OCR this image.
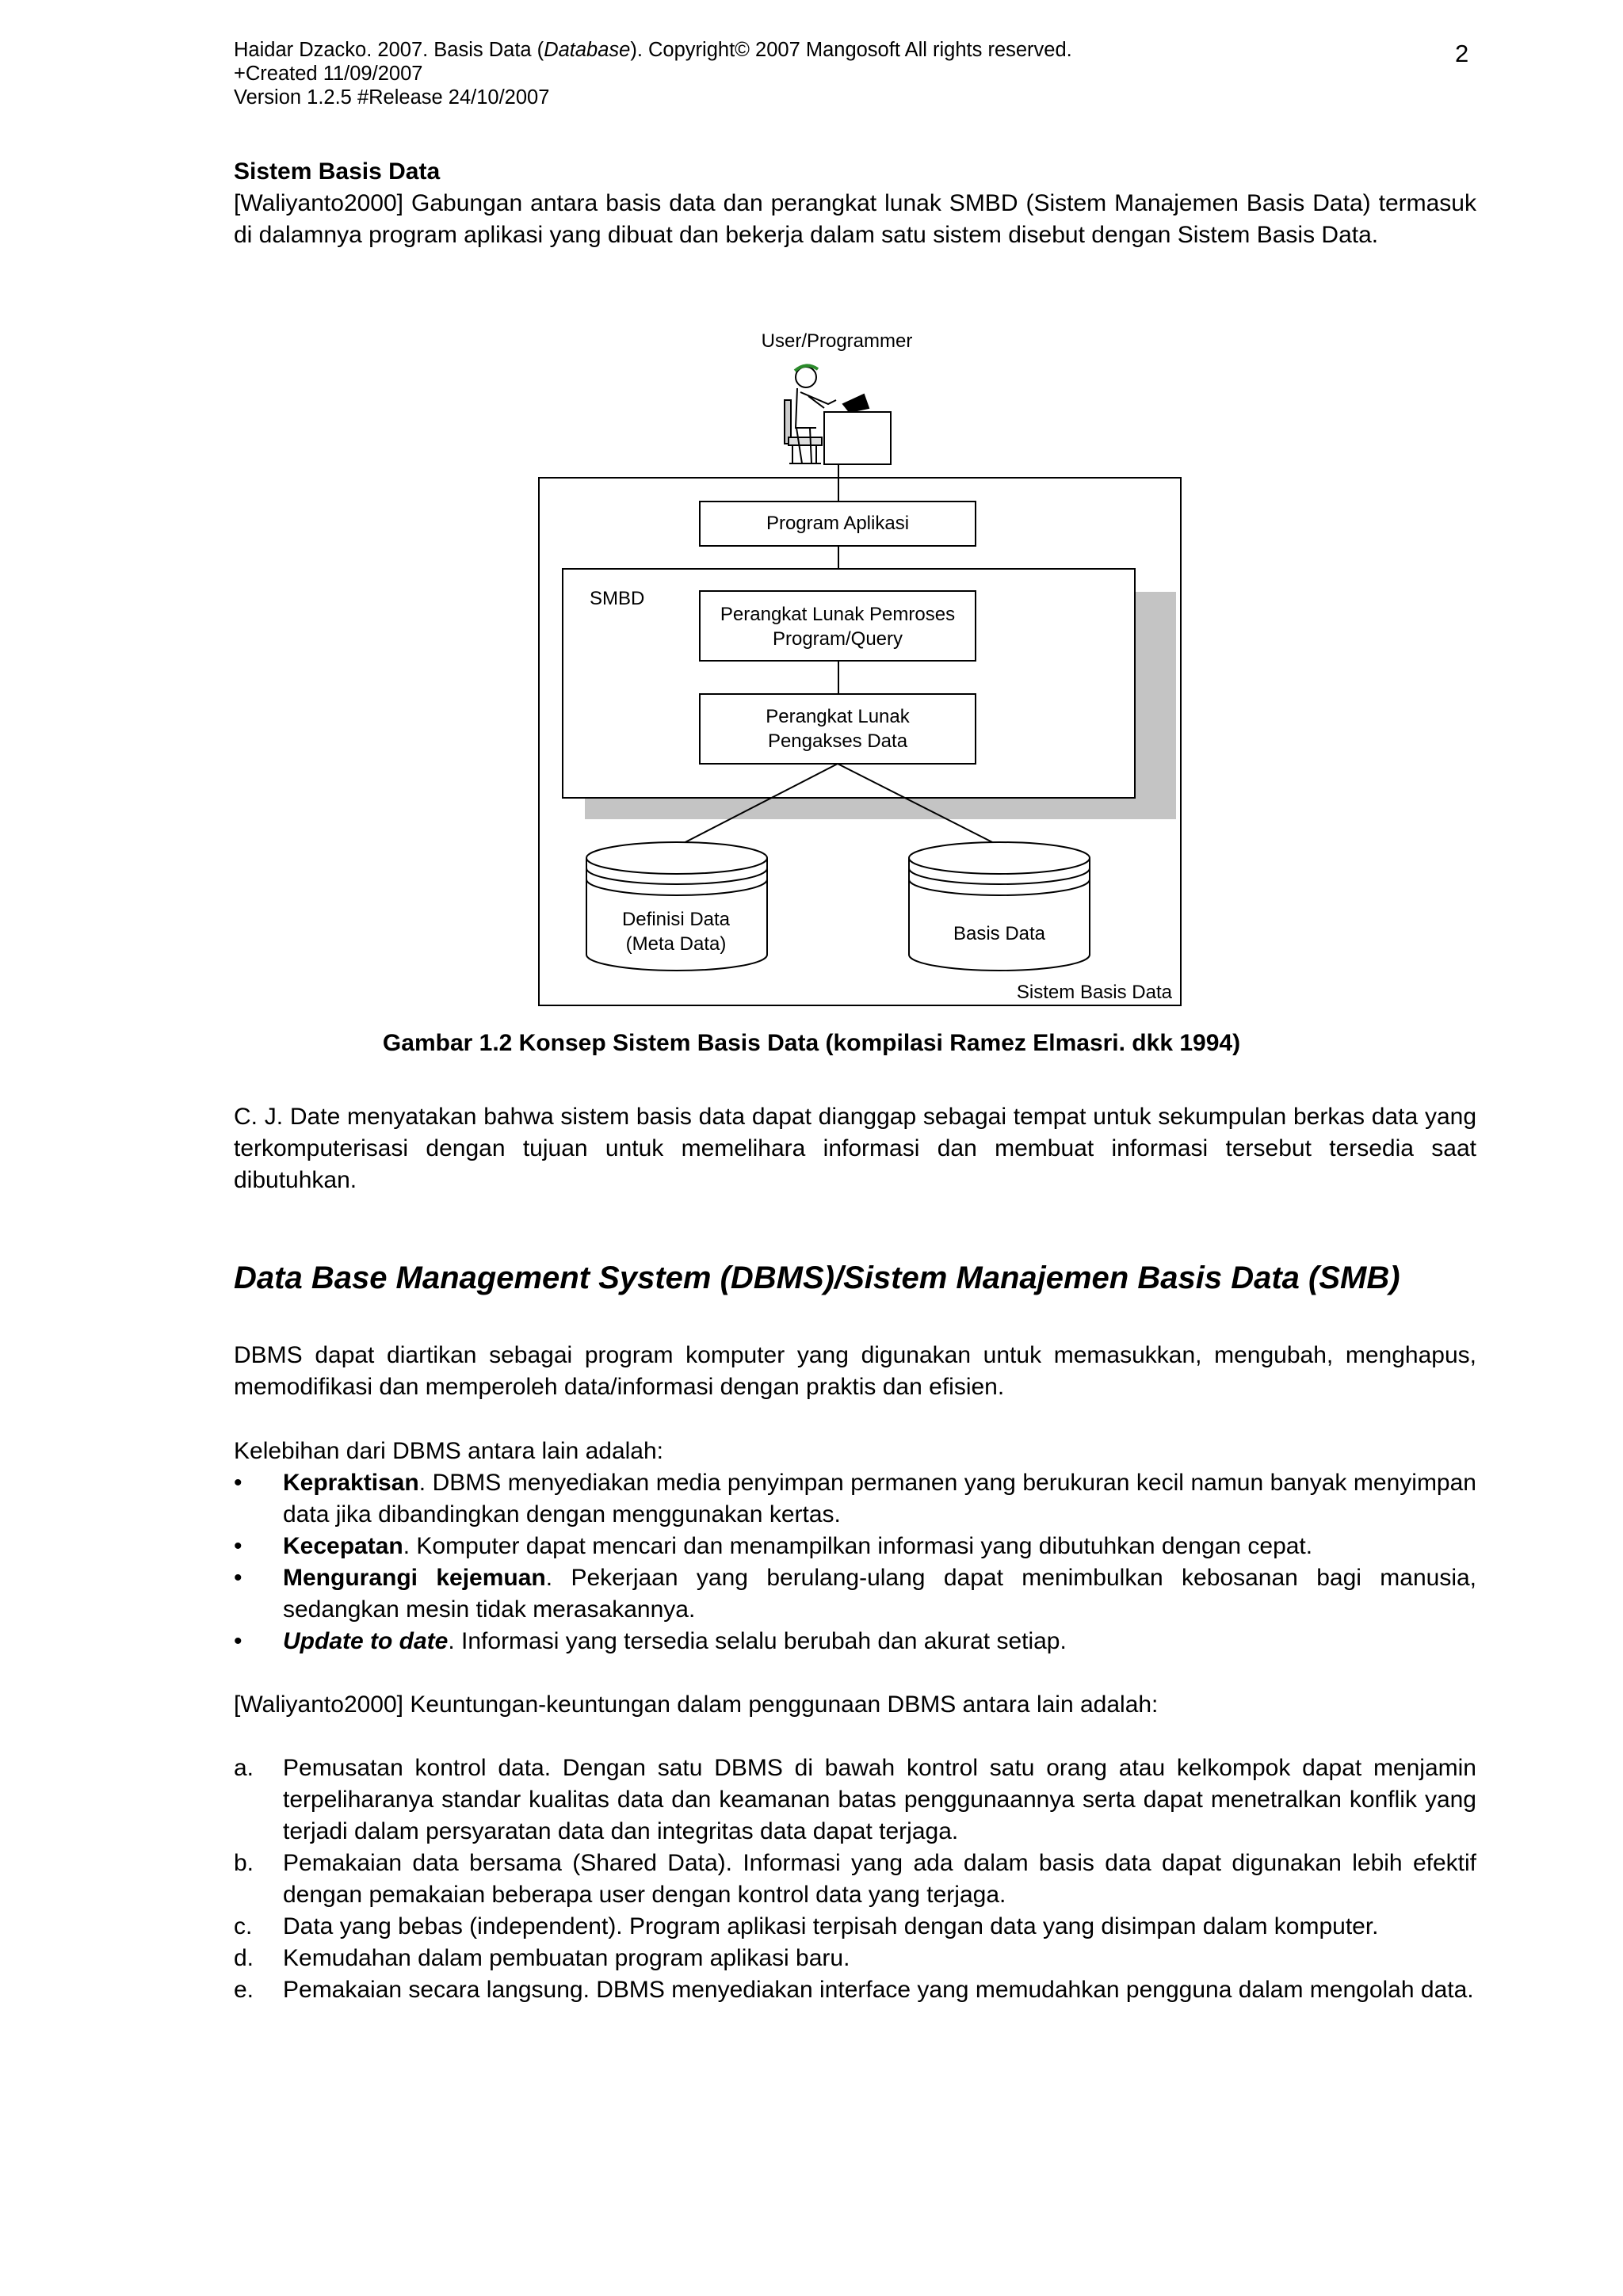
Haidar Dzacko. 2007. Basis Data (Database). Copyright© 2007 Mangosoft All rights reserved.
+Created 11/09/2007
Version 1.2.5 #Release 24/10/2007
2
Sistem Basis Data

[Waliyanto2000] Gabungan antara basis data dan perangkat lunak SMBD (Sistem Manajemen Basis Data) termasuk di dalamnya program aplikasi yang dibuat dan bekerja dalam satu sistem disebut dengan Sistem Basis Data.

User/Programmer
Program Aplikasi
SMBD
Perangkat Lunak Pemroses
Program/Query
Perangkat Lunak
Pengakses Data
Definisi Data
(Meta Data)	Basis Data
Sistem Basis Data
Gambar 1.2 Konsep Sistem Basis Data (kompilasi Ramez Elmasri. dkk 1994)

C. J. Date menyatakan bahwa sistem basis data dapat dianggap sebagai tempat untuk sekumpulan berkas data yang terkomputerisasi dengan tujuan untuk memelihara informasi dan membuat informasi tersebut tersedia saat dibutuhkan.

Data Base Management System (DBMS)/Sistem Manajemen Basis Data (SMB)

DBMS dapat diartikan sebagai program komputer yang digunakan untuk memasukkan, mengubah, menghapus, memodifikasi dan memperoleh data/informasi dengan praktis dan efisien.

Kelebihan dari DBMS antara lain adalah:

• Kepraktisan. DBMS menyediakan media penyimpan permanen yang berukuran kecil namun banyak menyimpan data jika dibandingkan dengan menggunakan kertas.
• Kecepatan. Komputer dapat mencari dan menampilkan informasi yang dibutuhkan dengan cepat.
• Mengurangi kejemuan. Pekerjaan yang berulang-ulang dapat menimbulkan kebosanan bagi manusia, sedangkan mesin tidak merasakannya.
• Update to date. Informasi yang tersedia selalu berubah dan akurat setiap.

[Waliyanto2000] Keuntungan-keuntungan dalam penggunaan DBMS antara lain adalah:

a. Pemusatan kontrol data. Dengan satu DBMS di bawah kontrol satu orang atau kelkompok dapat menjamin terpeliharanya standar kualitas data dan keamanan batas penggunaannya serta dapat menetralkan konflik yang terjadi dalam persyaratan data dan integritas data dapat terjaga.
b. Pemakaian data bersama (Shared Data). Informasi yang ada dalam basis data dapat digunakan lebih efektif dengan pemakaian beberapa user dengan kontrol data yang terjaga.
c. Data yang bebas (independent). Program aplikasi terpisah dengan data yang disimpan dalam komputer.
d. Kemudahan dalam pembuatan program aplikasi baru.
e. Pemakaian secara langsung. DBMS menyediakan interface yang memudahkan pengguna dalam mengolah data.
